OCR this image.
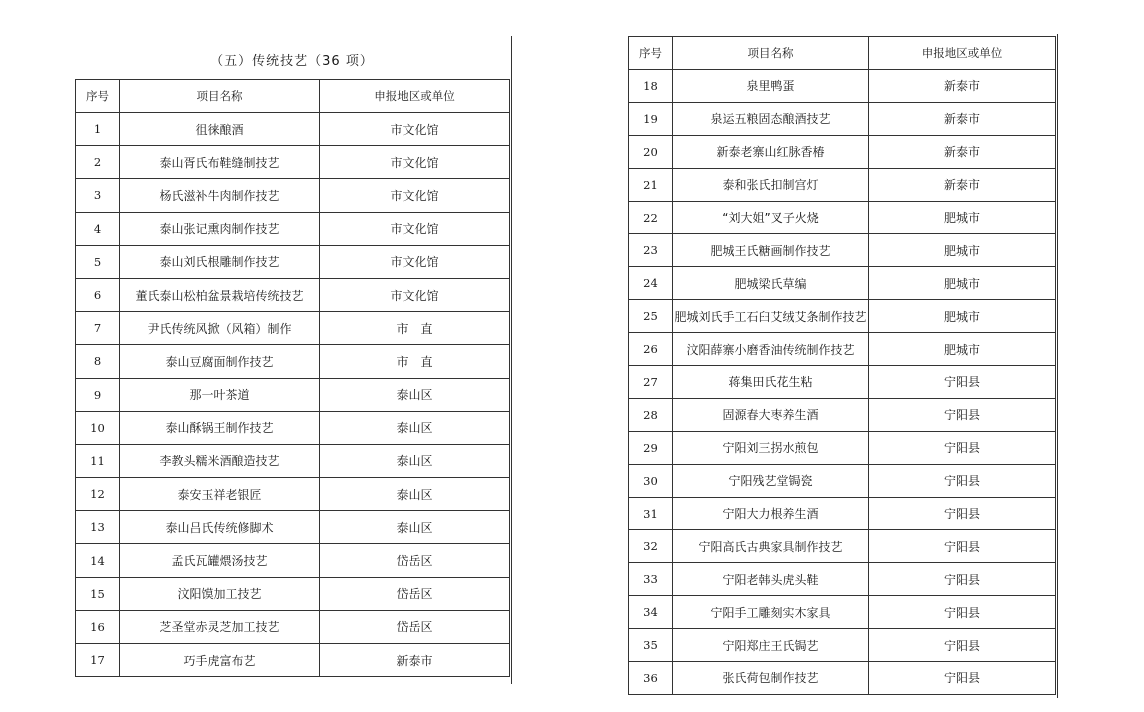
（五）传统技艺（36 项）
序号	项目名称	申报地区或单位
1	徂徕酿酒	市文化馆
2	泰山胥氏布鞋缝制技艺	市文化馆
3	杨氏滋补牛肉制作技艺	市文化馆
4	泰山张记熏肉制作技艺	市文化馆
5	泰山刘氏根雕制作技艺	市文化馆
6	董氏泰山松柏盆景栽培传统技艺	市文化馆
7	尹氏传统风掀（风箱）制作	市　直
8	泰山豆腐面制作技艺	市　直
9	那一叶茶道	泰山区
10	泰山酥锅王制作技艺	泰山区
11	李教头糯米酒酿造技艺	泰山区
12	泰安玉祥老银匠	泰山区
13	泰山吕氏传统修脚术	泰山区
14	孟氏瓦罐煨汤技艺	岱岳区
15	汶阳馍加工技艺	岱岳区
16	芝圣堂赤灵芝加工技艺	岱岳区
17	巧手虎富布艺	新泰市
序号	项目名称	申报地区或单位
18	泉里鸭蛋	新泰市
19	泉运五粮固态酿酒技艺	新泰市
20	新泰老寨山红脉香椿	新泰市
21	泰和张氏扣制宫灯	新泰市
22	“刘大姐”叉子火烧	肥城市
23	肥城王氏糖画制作技艺	肥城市
24	肥城梁氏草编	肥城市
25	肥城刘氏手工石臼艾绒艾条制作技艺	肥城市
26	汶阳薛寨小磨香油传统制作技艺	肥城市
27	蒋集田氏花生粘	宁阳县
28	固源春大枣养生酒	宁阳县
29	宁阳刘三拐水煎包	宁阳县
30	宁阳残艺堂锔瓷	宁阳县
31	宁阳大力根养生酒	宁阳县
32	宁阳高氏古典家具制作技艺	宁阳县
33	宁阳老韩头虎头鞋	宁阳县
34	宁阳手工雕刻实木家具	宁阳县
35	宁阳郑庄王氏锔艺	宁阳县
36	张氏荷包制作技艺	宁阳县
